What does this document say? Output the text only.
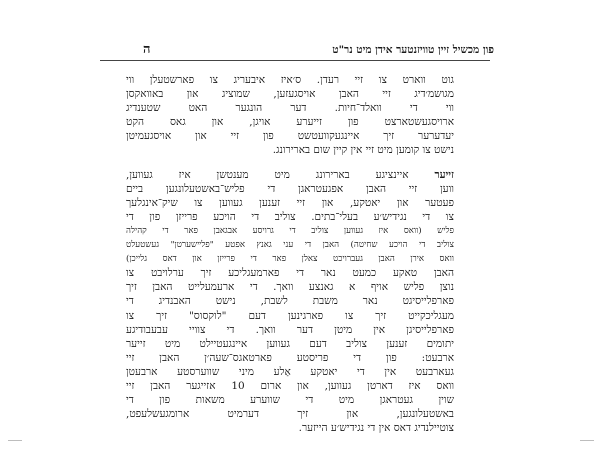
ה	פון מכשיל זיין טוויזנטער אידן מיט נר"ט
גוט ווארט צו זיי רעדן. ס׳איז איבעריג צו פארשטעלן ווי
מגושמ׳דיג זיי האבן אויסגעזען, שמוציג און באוואקסן
ווי די וואלד־חיות. דער הונגער האט שטענדיג
ארויסגעשטארצט פון זייערע אויגן, און גאס הקט
יעדערער זיך איינגעקוועטשט פון זיי און אויסגעמיטן
נישט צו קומען מיט זיי אין קיין שום בארירונג.
זייער איינציגע בארירונג מיט מענטשן איז געווען,
ווען זיי האבן אפגעטראגן די פליש־באשטעלונגען ביים
פעטער און יאטקע, און זיי זענען געווען צו שיק־אינגלעך
צו די נגידיש׳ע בעלי־בתים. צוליב די הויכע פרייזן פון די
פליש (וואס איז געווען צוליב די גרויסע אבגאבן פאר די קהילה
צוליב די הויכע שחיטה) האבן די עני גאנץ אפטע "פלײשערטן" געשטעלט
וואס אירן האבן געברויכט צאלן פאר די פרייזן און דאס גלייכן)
האבן טאקע כמעט נאר די פארמעגליכע זיך ערלויבט צו
נוצן פליש אויף א גאנצע וואך. די ארעמעלייט האבן זיך
פארפלייסיגט נאר משבת לשבת, נישט האבנדיג די
מעגליכקייט זיך צו פארגינען דעם "לוקסוס" זיך צו
פארפלייסיגן אין מיטן דער וואך. די צוויי עבעבודיגע
יתומים זענען צוליב דעם געווען איינגעטיילט מיט זייער
ארבעט: פון די פריסטע פארטאגס־שעה׳ן האבן זיי
געארבעט אין די יאטקע אַלע מיני שווערסטע ארבעטן
וואס איז דארטן געווען, און ארום 10 אזייגער האבן זיי
שוין געטראגן מיט די שווערע משאות פון די
באשטעלונגען, און זיך דערמיט ארומגעשלעפט,
צוטיילנדיג דאס אין די נגידיש׳ע הייזער.
